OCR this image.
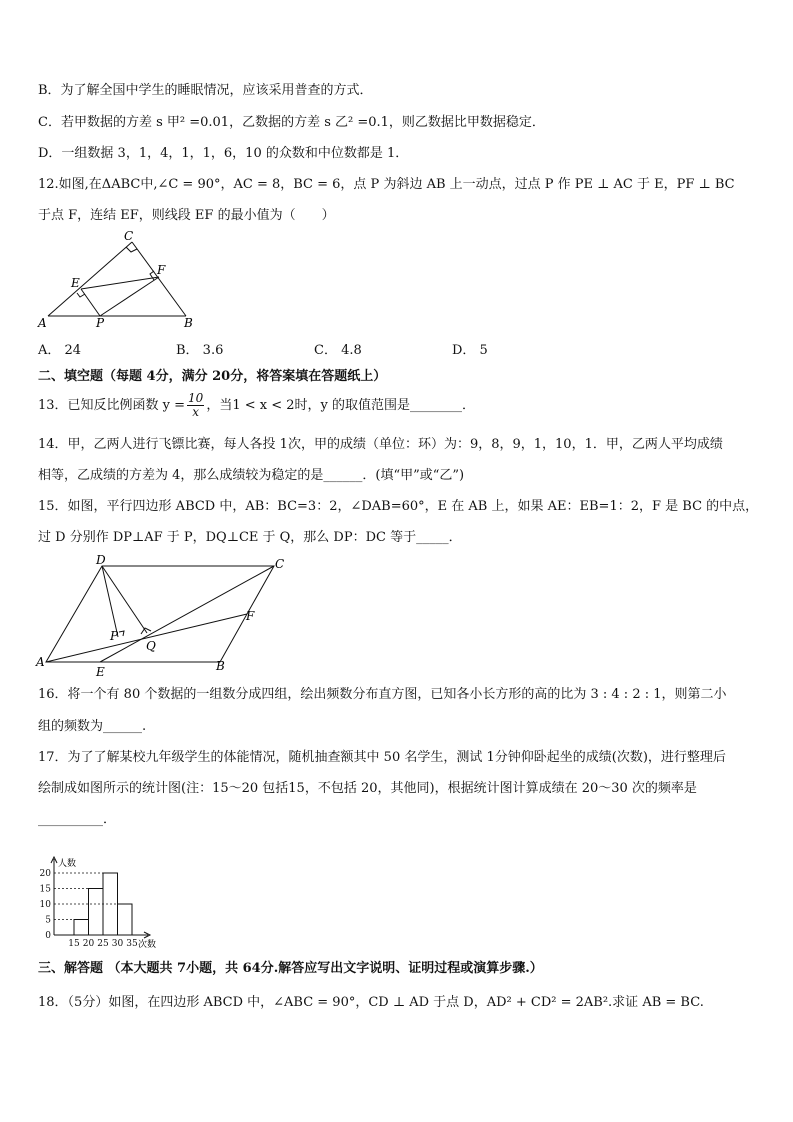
B．为了解全国中学生的睡眠情况，应该采用普查的方式．
C．若甲数据的方差 s 甲² =0.01，乙数据的方差 s 乙² =0.1，则乙数据比甲数据稳定．
D．一组数据 3，1，4，1，1，6，10 的众数和中位数都是 1．
12.如图,在ΔABC中,∠C = 90°，AC = 8，BC = 6，点 P 为斜边 AB 上一动点，过点 P 作 PE ⊥ AC 于 E，PF ⊥ BC
于点 F，连结 EF，则线段 EF 的最小值为（　　）
C
E
F
A	P	B
A． 24	B． 3.6	C． 4.8	D． 5
二、填空题（每题 4分，满分 20分，将答案填在答题纸上）
13．已知反比例函数 $y = \frac{10}{x}$ ，当1 < x < 2时，y 的取值范围是________．
14．甲，乙两人进行飞镖比赛，每人各投 1次，甲的成绩（单位：环）为：9，8，9，1，10，1．甲，乙两人平均成绩
相等，乙成绩的方差为 4，那么成绩较为稳定的是______．(填“甲”或“乙”)
15．如图，平行四边形 ABCD 中，AB：BC=3：2，∠DAB=60°，E 在 AB 上，如果 AE：EB=1：2，F 是 BC 的中点，
过 D 分别作 DP⊥AF 于 P，DQ⊥CE 于 Q，那么 DP：DC 等于_____．
D	C
F
P
Q
A
E	B
16．将一个有 80 个数据的一组数分成四组，绘出频数分布直方图，已知各小长方形的高的比为 3 : 4 : 2 : 1，则第二小
组的频数为______.
17．为了了解某校九年级学生的体能情况，随机抽查额其中 50 名学生，测试 1分钟仰卧起坐的成绩(次数)，进行整理后
绘制成如图所示的统计图(注：15～20 包括15，不包括 20，其他同)，根据统计图计算成绩在 20～30 次的频率是
__________．
0
5
10
15
20
15 20 25 30 35
人数
次数
三、解答题 （本大题共 7小题，共 64分.解答应写出文字说明、证明过程或演算步骤.）
18．（5分）如图，在四边形 ABCD 中，∠ABC = 90°，CD ⊥ AD 于点 D，AD² + CD² = 2AB².求证 AB = BC.
